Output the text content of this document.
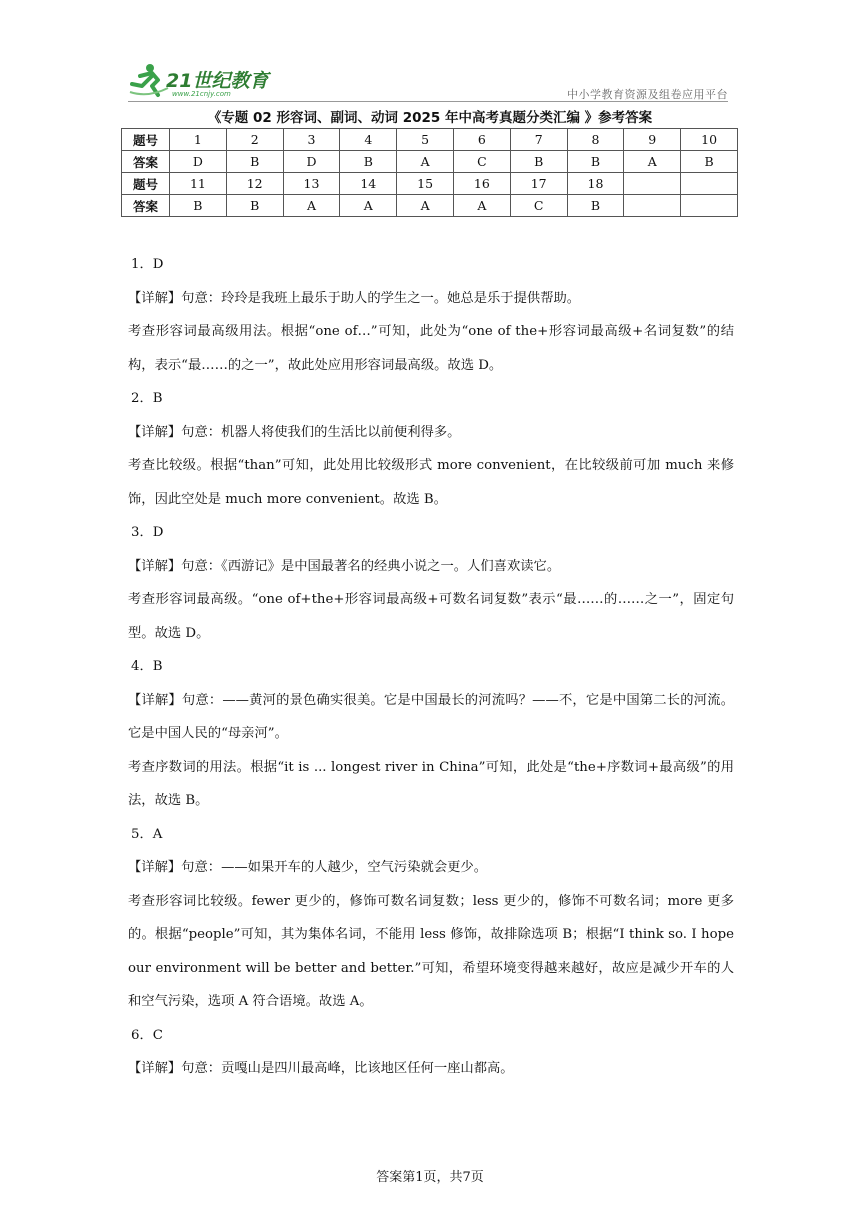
21世纪教育
www.21cnjy.com	中小学教育资源及组卷应用平台
《专题 02 形容词、副词、动词 2025 年中高考真题分类汇编 》参考答案
题号	1	2	3	4	5	6	7	8	9	10
答案	D	B	D	B	A	C	B	B	A	B
题号	11	12	13	14	15	16	17	18		
答案	B	B	A	A	A	A	C	B		

1．D

【详解】句意：玲玲是我班上最乐于助人的学生之一。她总是乐于提供帮助。

考查形容词最高级用法。根据“one of…”可知，此处为“one of the+形容词最高级+名词复数”的结构，表示“最……的之一”，故此处应用形容词最高级。故选 D。

2．B

【详解】句意：机器人将使我们的生活比以前便利得多。

考查比较级。根据“than”可知，此处用比较级形式 more convenient，在比较级前可加 much 来修饰，因此空处是 much more convenient。故选 B。

3．D

【详解】句意：《西游记》是中国最著名的经典小说之一。人们喜欢读它。

考查形容词最高级。“one of+the+形容词最高级+可数名词复数”表示“最……的……之一”，固定句型。故选 D。

4．B

【详解】句意：——黄河的景色确实很美。它是中国最长的河流吗？——不，它是中国第二长的河流。它是中国人民的“母亲河”。

考查序数词的用法。根据“it is ... longest river in China”可知，此处是“the+序数词+最高级”的用法，故选 B。

5．A

【详解】句意：——如果开车的人越少，空气污染就会更少。

考查形容词比较级。fewer 更少的，修饰可数名词复数；less 更少的，修饰不可数名词；more 更多的。根据“people”可知，其为集体名词，不能用 less 修饰，故排除选项 B；根据“I think so. I hope our environment will be better and better.”可知，希望环境变得越来越好，故应是减少开车的人和空气污染，选项 A 符合语境。故选 A。

6．C

【详解】句意：贡嘎山是四川最高峰，比该地区任何一座山都高。

答案第1页，共7页
